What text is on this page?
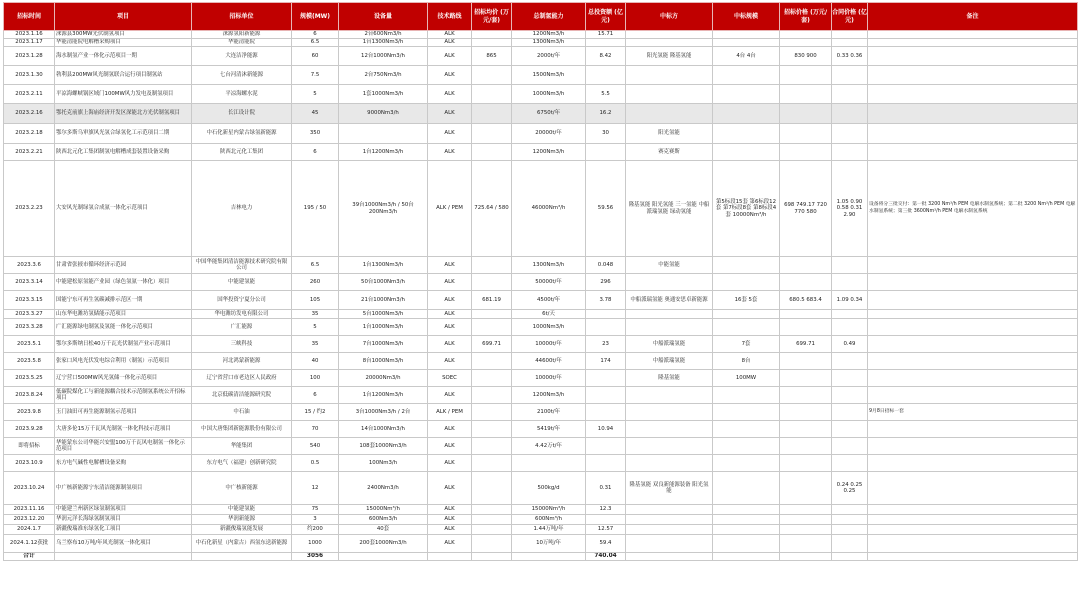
招标时间	项目	招标单位	规模(MW)	设备量	技术路线	招标均价 (万元/套)	总制氢能力	总投资额 (亿元)	中标方	中标规模	招标价格 (万元/套)	合同价格 (亿元)	备注
2023.1.16	涞源县300MW光伏制氢项目	涞源氢阳新能源	6	2台600Nm3/h	ALK		1200Nm3/h	15.71					
2023.1.17	华能清能院电解槽采购项目	华能清能院	6.5	1台1300Nm3/h	ALK		1300Nm3/h						
2023.1.28	海水制氢产业一体化示范项目一期	大连洁净能源	60	12台1000Nm3/h	ALK	865	2000t/年	8.42	阳光氢能 隆基氢能	4台 4台	830 900	0.33 0.36	
2023.1.30	勃利县200MW风光制氢联合运行项目制氢站	七台河清沐新能源	7.5	2台750Nm3/h	ALK		1500Nm3/h						
2023.2.11	平凉海螺峡锅区域门100MW风力发电及制氢项目	平凉海螺水泥	5	1套1000Nm3/h	ALK		1000Nm3/h	5.5					
2023.2.16	鄂托克前旗上海庙经济开发区深能北方光伏制氢项目	长江设计院	45	9000Nm3/h	ALK		6750t/年	16.2					
2023.2.18	鄂尔多斯乌审旗风光氢合绿氢化工示范项目二期	中石化新星内蒙古绿氢新能源	350		ALK		20000t/年	30	阳光氢能				
2023.2.21	陕西北元化工集团制氢电解槽成套装置设备采购	陕西北元化工集团	6	1台1200Nm3/h	ALK		1200Nm3/h		赛克赛斯				
2023.2.23	大安风光制绿氢合成氨一体化示范项目	吉林电力	195 / 50	39台1000Nm3/h / 50台200Nm3/h	ALK / PEM	725.64 / 580	46000Nm³/h	59.56	隆基氢能 阳光氢能 三一氢能 中船派瑞氢能 绿动氢能	第5标段15套 第6标段12套 第7标段8套 第8标段4套 10000Nm³/h	698 749.17 720 770 580	1.05 0.90 0.58 0.31 2.90	设备将分三批交付：第一批 3200 Nm³/h PEM 电解水制氢系统；第二批 3200 Nm³/h PEM 电解水制氢系统；第三批 3600Nm³/h PEM 电解水制氢系统
2023.3.6	甘肃省张掖市循环经济示范园	中国华能集团清洁能源技术研究院有限公司	6.5	1台1300Nm3/h	ALK		1300Nm3/h	0.048	中能氢能				
2023.3.14	中能建松原氢能产业园（绿色氢氨一体化）项目	中能建氢能	260	50台1000Nm3/h	ALK		50000t/年	296					
2023.3.15	国能宁东可再生氢碳减排示范区一期	国华投资宁夏分公司	105	21台1000Nm3/h	ALK	681.19	4500t/年	3.78	中船派瑞氢能 奥通安思卓新能源	16套 5套	680.5 683.4	1.09 0.34	
2023.3.27	山东华电潍坊氢储能示范项目	华电潍坊发电有限公司	35	5台1000Nm3/h	ALK		6t/天						
2023.3.28	广汇能源绿电制氢及氢能一体化示范项目	广汇能源	5	1台1000Nm3/h	ALK		1000Nm3/h						
2023.5.1	鄂尔多斯纳日松40万千瓦光伏制氢产业示范项目	三峡科技	35	7台1000Nm3/h	ALK	699.71	10000t/年	23	中船派瑞氢能	7套	699.71	0.49	
2023.5.8	张家口风电光伏发电综合利用（制氢）示范项目	河北鸿蒙新能源	40	8台1000Nm3/h	ALK		44600t/年	174	中船派瑞氢能	8台			
2023.5.25	辽宁营口500MW风光氢储一体化示范项目	辽宁省营口市老边区人民政府	100	20000Nm3/h	SOEC		10000t/年		隆基氢能	100MW			
2023.8.24	低碳院煤化工与新能源耦合技术示范制氢系统公开招标项目	北京低碳清洁能源研究院	6	1台1200Nm3/h	ALK		1200Nm3/h						
2023.9.8	玉门油田可再生能源制氢示范项目	中石油	15 / 约2	3台1000Nm3/h / 2台	ALK / PEM		2100t/年						9月8日招标一套
2023.9.28	大唐多伦15万千瓦风光制氢一体化科技示范项目	中国大唐集团新能源股份有限公司	70	14台1000Nm3/h	ALK		5419t/年	10.94					
即将招标	华能蒙东公司华能兴安盟100万千瓦风电制氢一体化示范项目	华能集团	540	108套1000Nm3/h	ALK		4.42万t/年						
2023.10.9	东方电气碱性电解槽设备采购	东方电气（福建）创新研究院	0.5	100Nm3/h	ALK								
2023.10.24	中广核新能源宁东清洁能源制氢项目	中广核新能源	12	2400Nm3/h	ALK		500kg/d	0.31	隆基氢能 双良新能源装备 阳光氢能			0.24 0.25 0.25	
2023.11.16	中能建兰州新区绿氢制氢项目	中能建氢能	75	15000Nm³/h	ALK		15000Nm³/h	12.3					
2023.12.20	华润元洋长海绿氢制氢项目	华润新能源	3	600Nm3/h	ALK		600Nm³/h						
2024.1.7	新疆俊瑞准东绿氢化工项目	新疆俊瑞氢能发展	约200	40套	ALK		1.44万吨/年	12.57					
2024.1.12获批	乌兰察布10万吨/年风光制氢一体化项目	中石化新星（内蒙古）西氢东送新能源	1000	200套1000Nm3/h	ALK		10万吨/年	59.4					
合计			3056					740.04					
